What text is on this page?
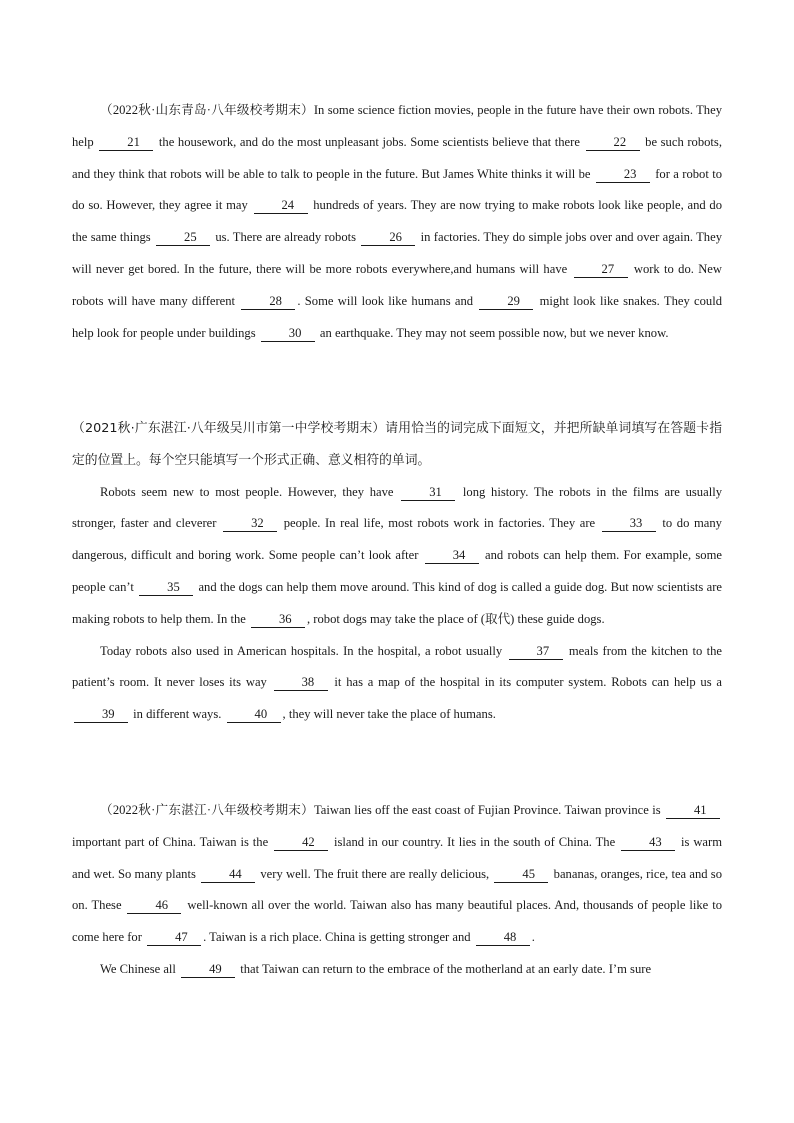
（2022秋·山东青岛·八年级校考期末）In some science fiction movies, people in the future have their own robots. They help 21 the housework, and do the most unpleasant jobs. Some scientists believe that there 22 be such robots, and they think that robots will be able to talk to people in the future. But James White thinks it will be 23 for a robot to do so. However, they agree it may 24 hundreds of years. They are now trying to make robots look like people, and do the same things 25 us. There are already robots 26 in factories. They do simple jobs over and over again. They will never get bored. In the future, there will be more robots everywhere,and humans will have 27 work to do. New robots will have many different 28 . Some will look like humans and 29 might look like snakes. They could help look for people under buildings 30 an earthquake. They may not seem possible now, but we never know.

（2021秋·广东湛江·八年级吴川市第一中学校考期末）请用恰当的词完成下面短文，并把所缺单词填写在答题卡指定的位置上。每个空只能填写一个形式正确、意义相符的单词。

Robots seem new to most people. However, they have 31 long history. The robots in the films are usually stronger, faster and cleverer 32 people. In real life, most robots work in factories. They are 33 to do many dangerous, difficult and boring work. Some people can’t look after 34 and robots can help them. For example, some people can’t 35 and the dogs can help them move around. This kind of dog is called a guide dog. But now scientists are making robots to help them. In the 36 , robot dogs may take the place of (取代) these guide dogs.

Today robots also used in American hospitals. In the hospital, a robot usually 37 meals from the kitchen to the patient’s room. It never loses its way 38 it has a map of the hospital in its computer system. Robots can help us a 39 in different ways. 40 , they will never take the place of humans.

（2022秋·广东湛江·八年级校考期末）Taiwan lies off the east coast of Fujian Province. Taiwan province is 41 important part of China. Taiwan is the 42 island in our country. It lies in the south of China. The 43 is warm and wet. So many plants 44 very well. The fruit there are really delicious, 45 bananas, oranges, rice, tea and so on. These 46 well-known all over the world. Taiwan also has many beautiful places. And, thousands of people like to come here for 47 . Taiwan is a rich place. China is getting stronger and 48 .

We Chinese all 49 that Taiwan can return to the embrace of the motherland at an early date. I’m sure
